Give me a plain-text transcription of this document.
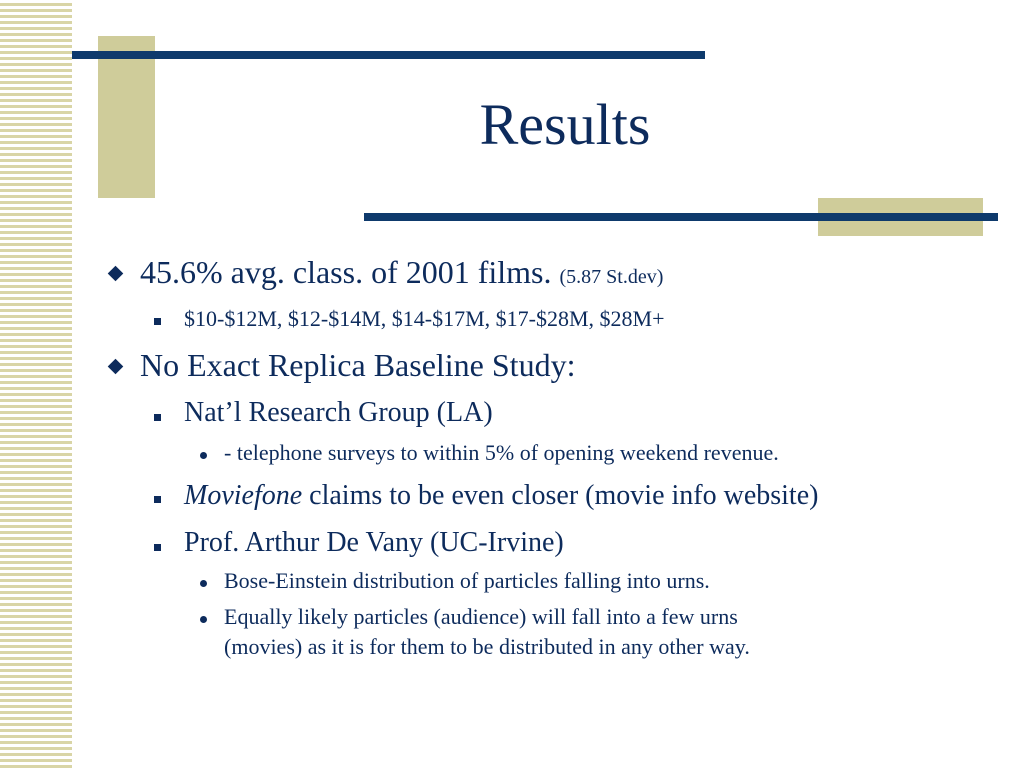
Results
45.6% avg. class. of 2001 films. (5.87 St.dev)
$10-$12M, $12-$14M, $14-$17M, $17-$28M, $28M+
No Exact Replica Baseline Study:
Nat’l Research Group (LA)
- telephone surveys to within 5% of opening weekend revenue.
Moviefone claims to be even closer (movie info website)
Prof. Arthur De Vany (UC-Irvine)
Bose-Einstein distribution of particles falling into urns.
Equally likely particles (audience) will fall into a few urns
(movies) as it is for them to be distributed in any other way.
